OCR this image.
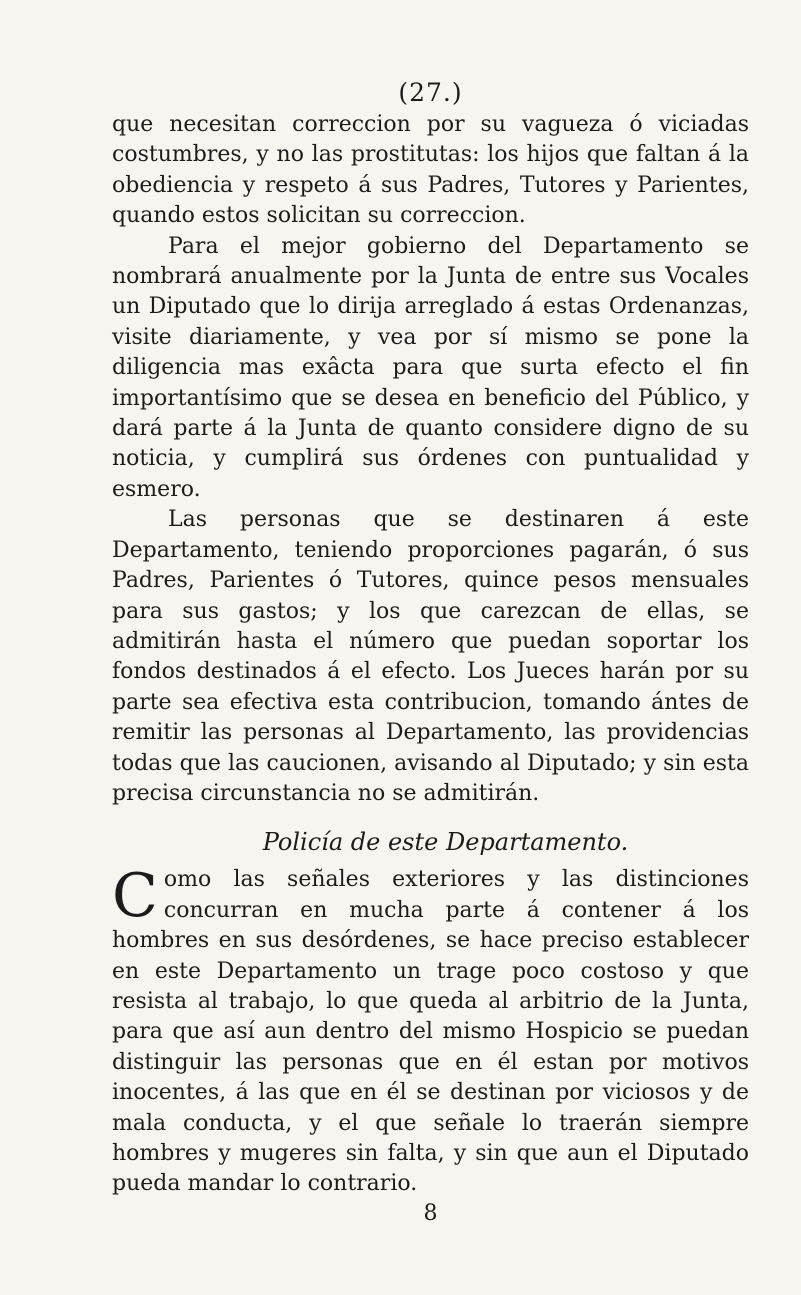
(27.)

que necesitan correccion por su vagueza ó viciadas costumbres, y no las prostitutas: los hijos que faltan á la obediencia y respeto á sus Padres, Tutores y Parientes, quando estos solicitan su correccion.

Para el mejor gobierno del Departamento se nombrará anualmente por la Junta de entre sus Vocales un Diputado que lo dirija arreglado á estas Ordenanzas, visite diariamente, y vea por sí mismo se pone la diligencia mas exâcta para que surta efecto el fin importantísimo que se desea en beneficio del Público, y dará parte á la Junta de quanto considere digno de su noticia, y cumplirá sus órdenes con puntualidad y esmero.

Las personas que se destinaren á este Departamento, teniendo proporciones pagarán, ó sus Padres, Parientes ó Tutores, quince pesos mensuales para sus gastos; y los que carezcan de ellas, se admitirán hasta el número que puedan soportar los fondos destinados á el efecto. Los Jueces harán por su parte sea efectiva esta contribucion, tomando ántes de remitir las personas al Departamento, las providencias todas que las caucionen, avisando al Diputado; y sin esta precisa circunstancia no se admitirán.

Policía de este Departamento.

Como las señales exteriores y las distinciones concurran en mucha parte á contener á los hombres en sus desórdenes, se hace preciso establecer en este Departamento un trage poco costoso y que resista al trabajo, lo que queda al arbitrio de la Junta, para que así aun dentro del mismo Hospicio se puedan distinguir las personas que en él estan por motivos inocentes, á las que en él se destinan por viciosos y de mala conducta, y el que señale lo traerán siempre hombres y mugeres sin falta, y sin que aun el Diputado pueda mandar lo contrario.

8
